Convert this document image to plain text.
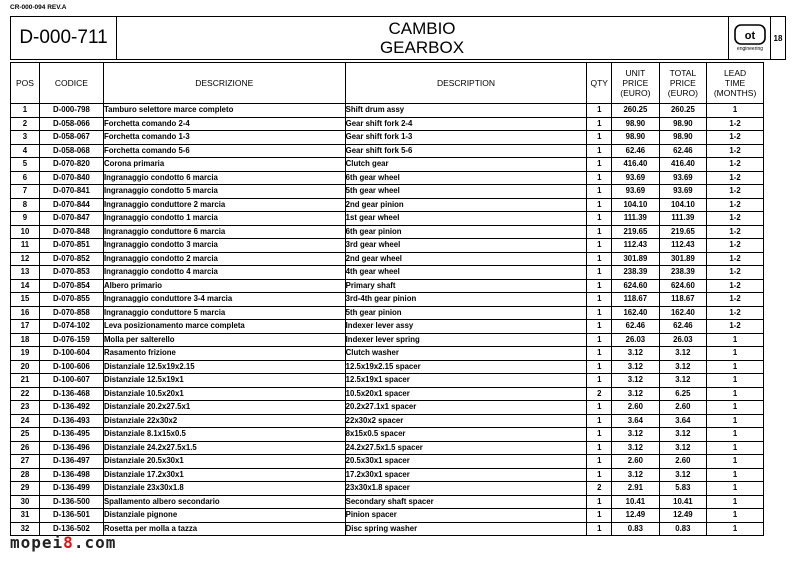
CR-000-094 REV.A
D-000-711	CAMBIO
GEARBOX
ot
engineering
18
POS	CODICE	DESCRIZIONE	DESCRIPTION	QTY	UNIT
PRICE
(EURO)	TOTAL
PRICE
(EURO)	LEAD
TIME
(MONTHS)
1	D-000-798	Tamburo selettore marce completo	Shift drum assy	1	260.25	260.25	1
2	D-058-066	Forchetta comando 2-4	Gear shift fork 2-4	1	98.90	98.90	1-2
3	D-058-067	Forchetta comando 1-3	Gear shift fork 1-3	1	98.90	98.90	1-2
4	D-058-068	Forchetta comando 5-6	Gear shift fork 5-6	1	62.46	62.46	1-2
5	D-070-820	Corona primaria	Clutch gear	1	416.40	416.40	1-2
6	D-070-840	Ingranaggio condotto 6 marcia	6th gear wheel	1	93.69	93.69	1-2
7	D-070-841	Ingranaggio condotto 5 marcia	5th gear wheel	1	93.69	93.69	1-2
8	D-070-844	Ingranaggio conduttore 2 marcia	2nd gear pinion	1	104.10	104.10	1-2
9	D-070-847	Ingranaggio condotto 1 marcia	1st gear wheel	1	111.39	111.39	1-2
10	D-070-848	Ingranaggio conduttore 6 marcia	6th gear pinion	1	219.65	219.65	1-2
11	D-070-851	Ingranaggio condotto 3 marcia	3rd gear wheel	1	112.43	112.43	1-2
12	D-070-852	Ingranaggio condotto 2 marcia	2nd gear wheel	1	301.89	301.89	1-2
13	D-070-853	Ingranaggio condotto 4 marcia	4th gear wheel	1	238.39	238.39	1-2
14	D-070-854	Albero primario	Primary shaft	1	624.60	624.60	1-2
15	D-070-855	Ingranaggio conduttore 3-4 marcia	3rd-4th gear pinion	1	118.67	118.67	1-2
16	D-070-858	Ingranaggio conduttore 5 marcia	5th gear pinion	1	162.40	162.40	1-2
17	D-074-102	Leva posizionamento marce completa	Indexer lever assy	1	62.46	62.46	1-2
18	D-076-159	Molla per salterello	Indexer lever spring	1	26.03	26.03	1
19	D-100-604	Rasamento frizione	Clutch washer	1	3.12	3.12	1
20	D-100-606	Distanziale 12.5x19x2.15	12.5x19x2.15 spacer	1	3.12	3.12	1
21	D-100-607	Distanziale 12.5x19x1	12.5x19x1 spacer	1	3.12	3.12	1
22	D-136-468	Distanziale 10.5x20x1	10.5x20x1 spacer	2	3.12	6.25	1
23	D-136-492	Distanziale 20.2x27.5x1	20.2x27.1x1 spacer	1	2.60	2.60	1
24	D-136-493	Distanziale 22x30x2	22x30x2 spacer	1	3.64	3.64	1
25	D-136-495	Distanziale 8.1x15x0.5	8x15x0.5 spacer	1	3.12	3.12	1
26	D-136-496	Distanziale 24.2x27.5x1.5	24.2x27.5x1.5 spacer	1	3.12	3.12	1
27	D-136-497	Distanziale 20.5x30x1	20.5x30x1 spacer	1	2.60	2.60	1
28	D-136-498	Distanziale 17.2x30x1	17.2x30x1 spacer	1	3.12	3.12	1
29	D-136-499	Distanziale 23x30x1.8	23x30x1.8 spacer	2	2.91	5.83	1
30	D-136-500	Spallamento albero secondario	Secondary shaft spacer	1	10.41	10.41	1
31	D-136-501	Distanziale pignone	Pinion spacer	1	12.49	12.49	1
32	D-136-502	Rosetta per molla a tazza	Disc spring washer	1	0.83	0.83	1
mopei8.com
